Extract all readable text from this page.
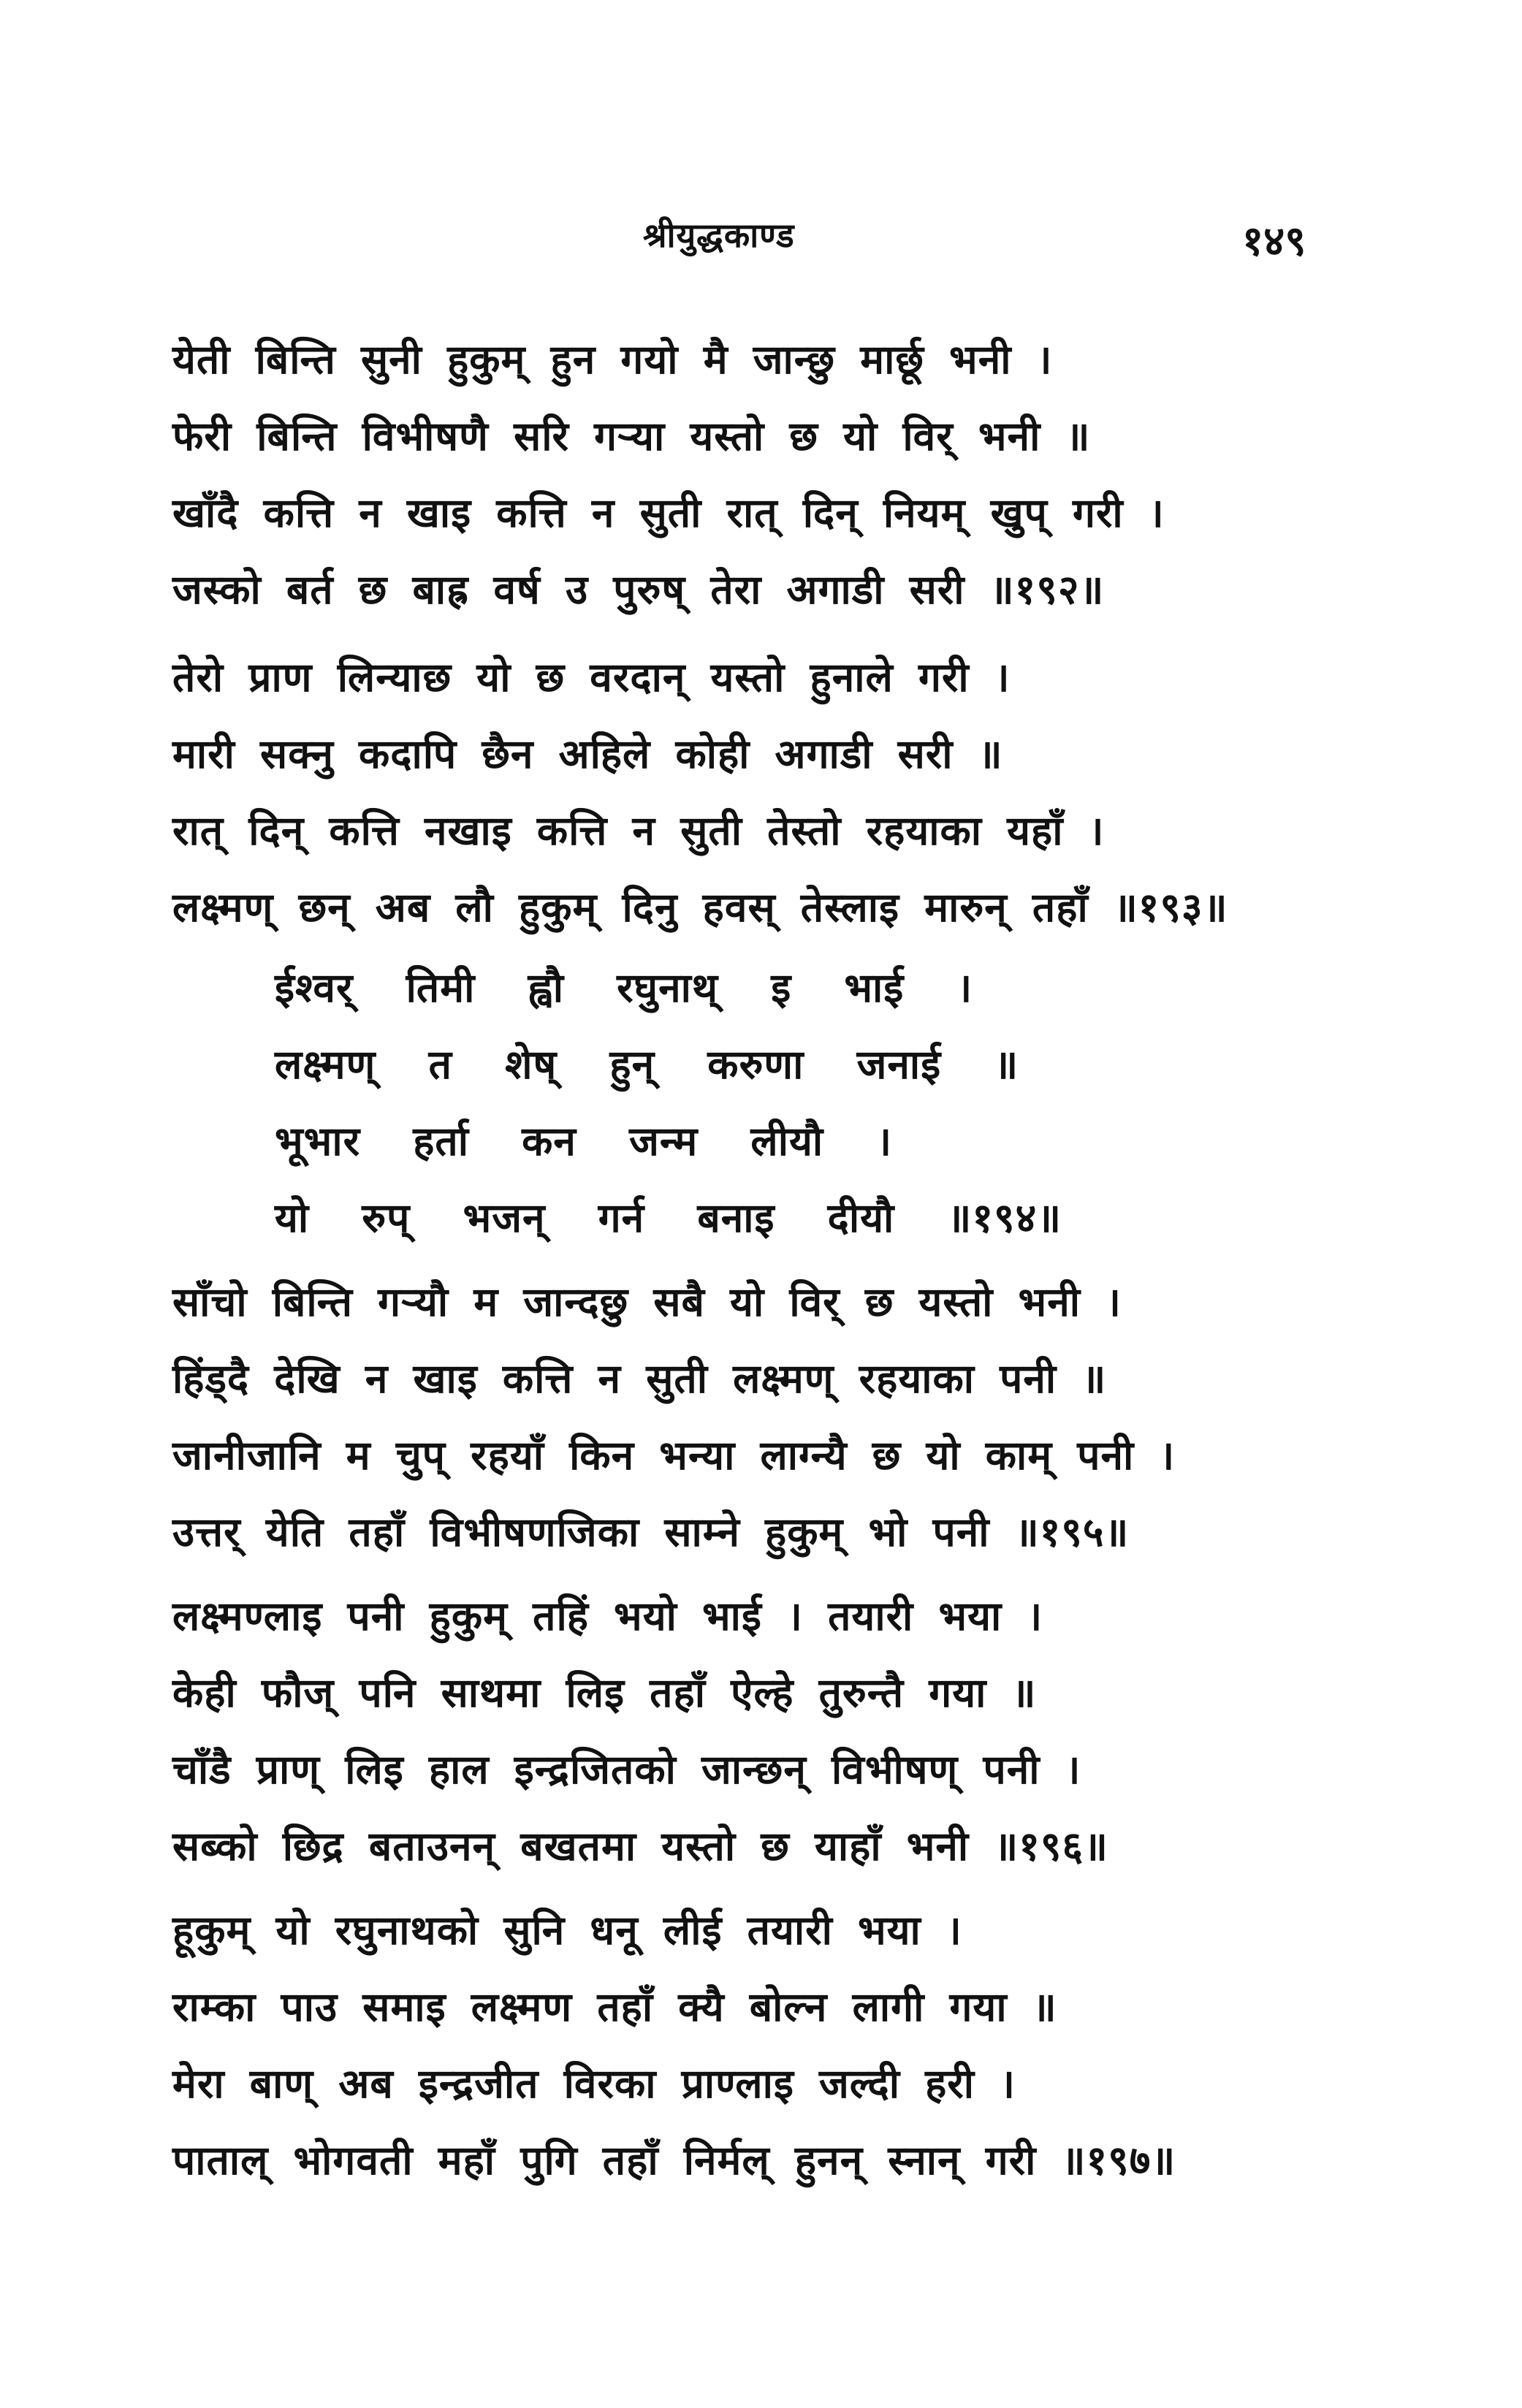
श्रीयुद्धकाण्ड	१४९
येती बिन्ति सुनी हुकुम् हुन गयो मै जान्छु मार्छू भनी ।
फेरी बिन्ति विभीषणै सरि गऱ्या यस्तो छ यो विर् भनी ॥
खाँदै कत्ति न खाइ कत्ति न सुती रात् दिन् नियम् खुप् गरी ।
जस्को बर्त छ बाह्र वर्ष उ पुरुष् तेरा अगाडी सरी ॥१९२॥
तेरो प्राण लिन्याछ यो छ वरदान् यस्तो हुनाले गरी ।
मारी सक्नु कदापि छैन अहिले कोही अगाडी सरी ॥
रात् दिन् कत्ति नखाइ कत्ति न सुती तेस्तो रहयाका यहाँ ।
लक्ष्मण् छन् अब लौ हुकुम् दिनु हवस् तेस्लाइ मारुन् तहाँ ॥१९३॥
ईश्वर् तिमी ह्वौ रघुनाथ् इ भाई ।
लक्ष्मण् त शेष् हुन् करुणा जनाई ॥
भूभार हर्ता कन जन्म लीयौ ।
यो रुप् भजन् गर्न बनाइ दीयौ ॥१९४॥
साँचो बिन्ति गऱ्यौ म जान्दछु सबै यो विर् छ यस्तो भनी ।
हिंड्दै देखि न खाइ कत्ति न सुती लक्ष्मण् रहयाका पनी ॥
जानीजानि म चुप् रहयाँ किन भन्या लाग्न्यै छ यो काम् पनी ।
उत्तर् येति तहाँ विभीषणजिका साम्ने हुकुम् भो पनी ॥१९५॥
लक्ष्मण्लाइ पनी हुकुम् तहिं भयो भाई । तयारी भया ।
केही फौज् पनि साथमा लिइ तहाँ ऐल्हे तुरुन्तै गया ॥
चाँडै प्राण् लिइ हाल इन्द्रजितको जान्छन् विभीषण् पनी ।
सब्को छिद्र बताउनन् बखतमा यस्तो छ याहाँ भनी ॥१९६॥
हूकुम् यो रघुनाथको सुनि धनू लीई तयारी भया ।
राम्का पाउ समाइ लक्ष्मण तहाँ क्यै बोल्न लागी गया ॥
मेरा बाण् अब इन्द्रजीत विरका प्राण्लाइ जल्दी हरी ।
पाताल् भोगवती महाँ पुगि तहाँ निर्मल् हुनन् स्नान् गरी ॥१९७॥
